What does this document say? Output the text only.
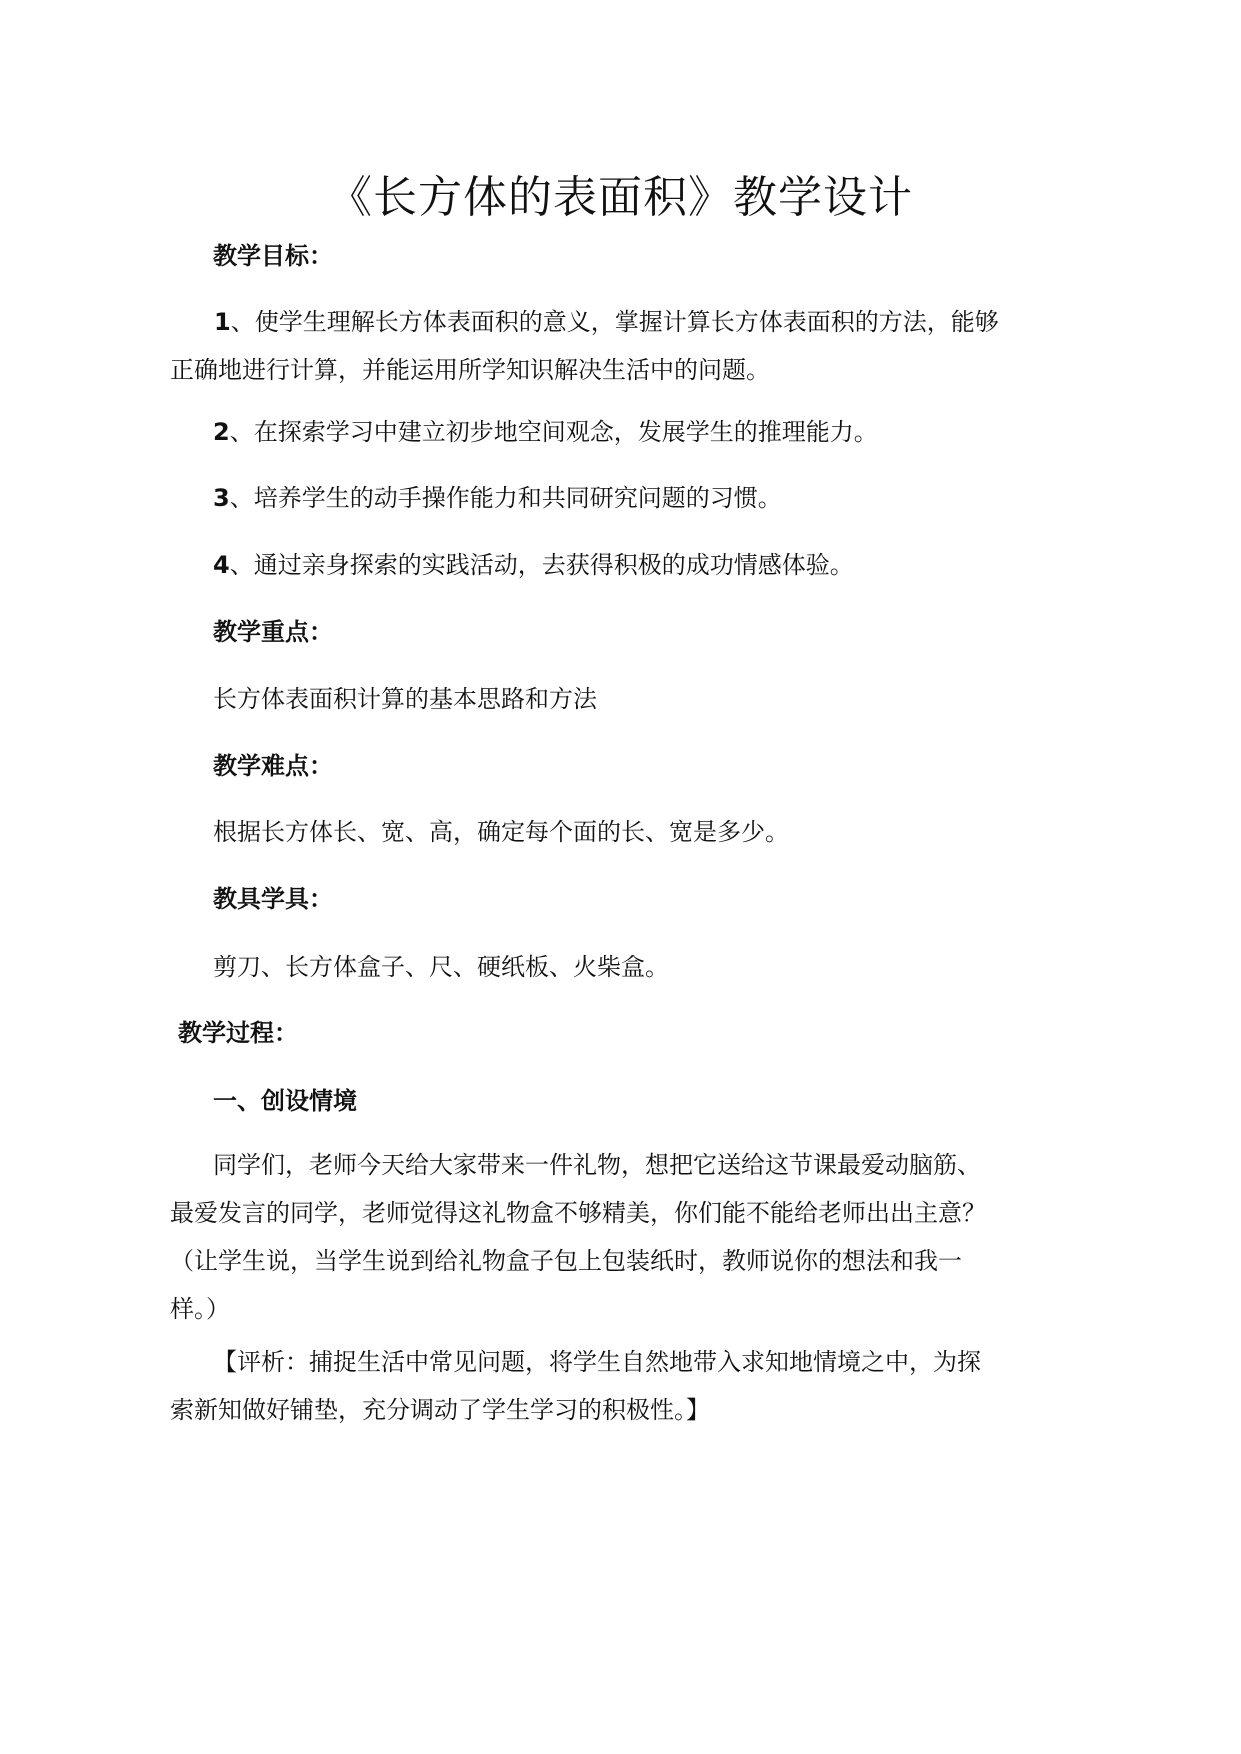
《长方体的表面积》教学设计
教学目标：
1、使学生理解长方体表面积的意义，掌握计算长方体表面积的方法，能够
正确地进行计算，并能运用所学知识解决生活中的问题。
2、在探索学习中建立初步地空间观念，发展学生的推理能力。
3、培养学生的动手操作能力和共同研究问题的习惯。
4、通过亲身探索的实践活动，去获得积极的成功情感体验。
教学重点：
长方体表面积计算的基本思路和方法
教学难点：
根据长方体长、宽、高，确定每个面的长、宽是多少。
教具学具：
剪刀、长方体盒子、尺、硬纸板、火柴盒。
教学过程：
一、创设情境
同学们，老师今天给大家带来一件礼物，想把它送给这节课最爱动脑筋、
最爱发言的同学，老师觉得这礼物盒不够精美，你们能不能给老师出出主意？
（让学生说，当学生说到给礼物盒子包上包装纸时，教师说你的想法和我一
样。）
【评析：捕捉生活中常见问题，将学生自然地带入求知地情境之中，为探
索新知做好铺垫，充分调动了学生学习的积极性。】
